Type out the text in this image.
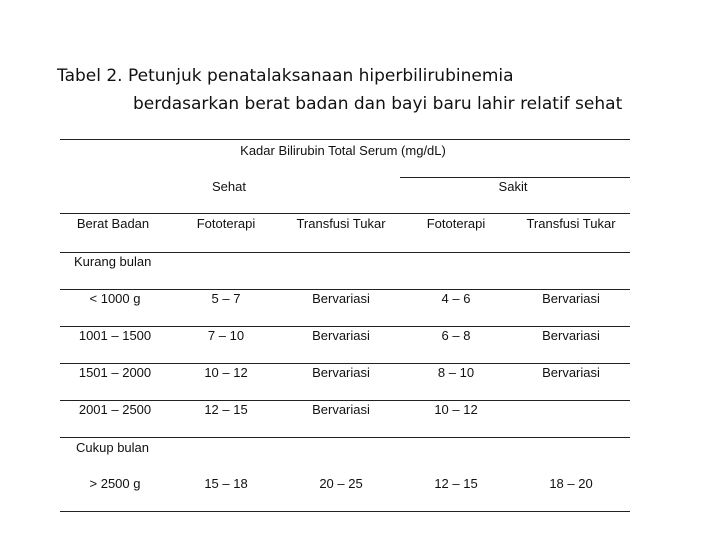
Tabel 2. Petunjuk penatalaksanaan hiperbilirubinemia
berdasarkan berat badan dan bayi baru lahir relatif sehat
Kadar Bilirubin Total Serum (mg/dL)
Sehat	Sakit
Berat Badan	Fototerapi	Transfusi Tukar	Fototerapi	Transfusi Tukar
Kurang bulan
< 1000 g	5 – 7	Bervariasi	4 – 6	Bervariasi
1001 – 1500	7 – 10	Bervariasi	6 – 8	Bervariasi
1501 – 2000	10 – 12	Bervariasi	8 – 10	Bervariasi
2001 – 2500	12 – 15	Bervariasi	10 – 12
Cukup bulan
> 2500 g	15 – 18	20 – 25	12 – 15	18 – 20
